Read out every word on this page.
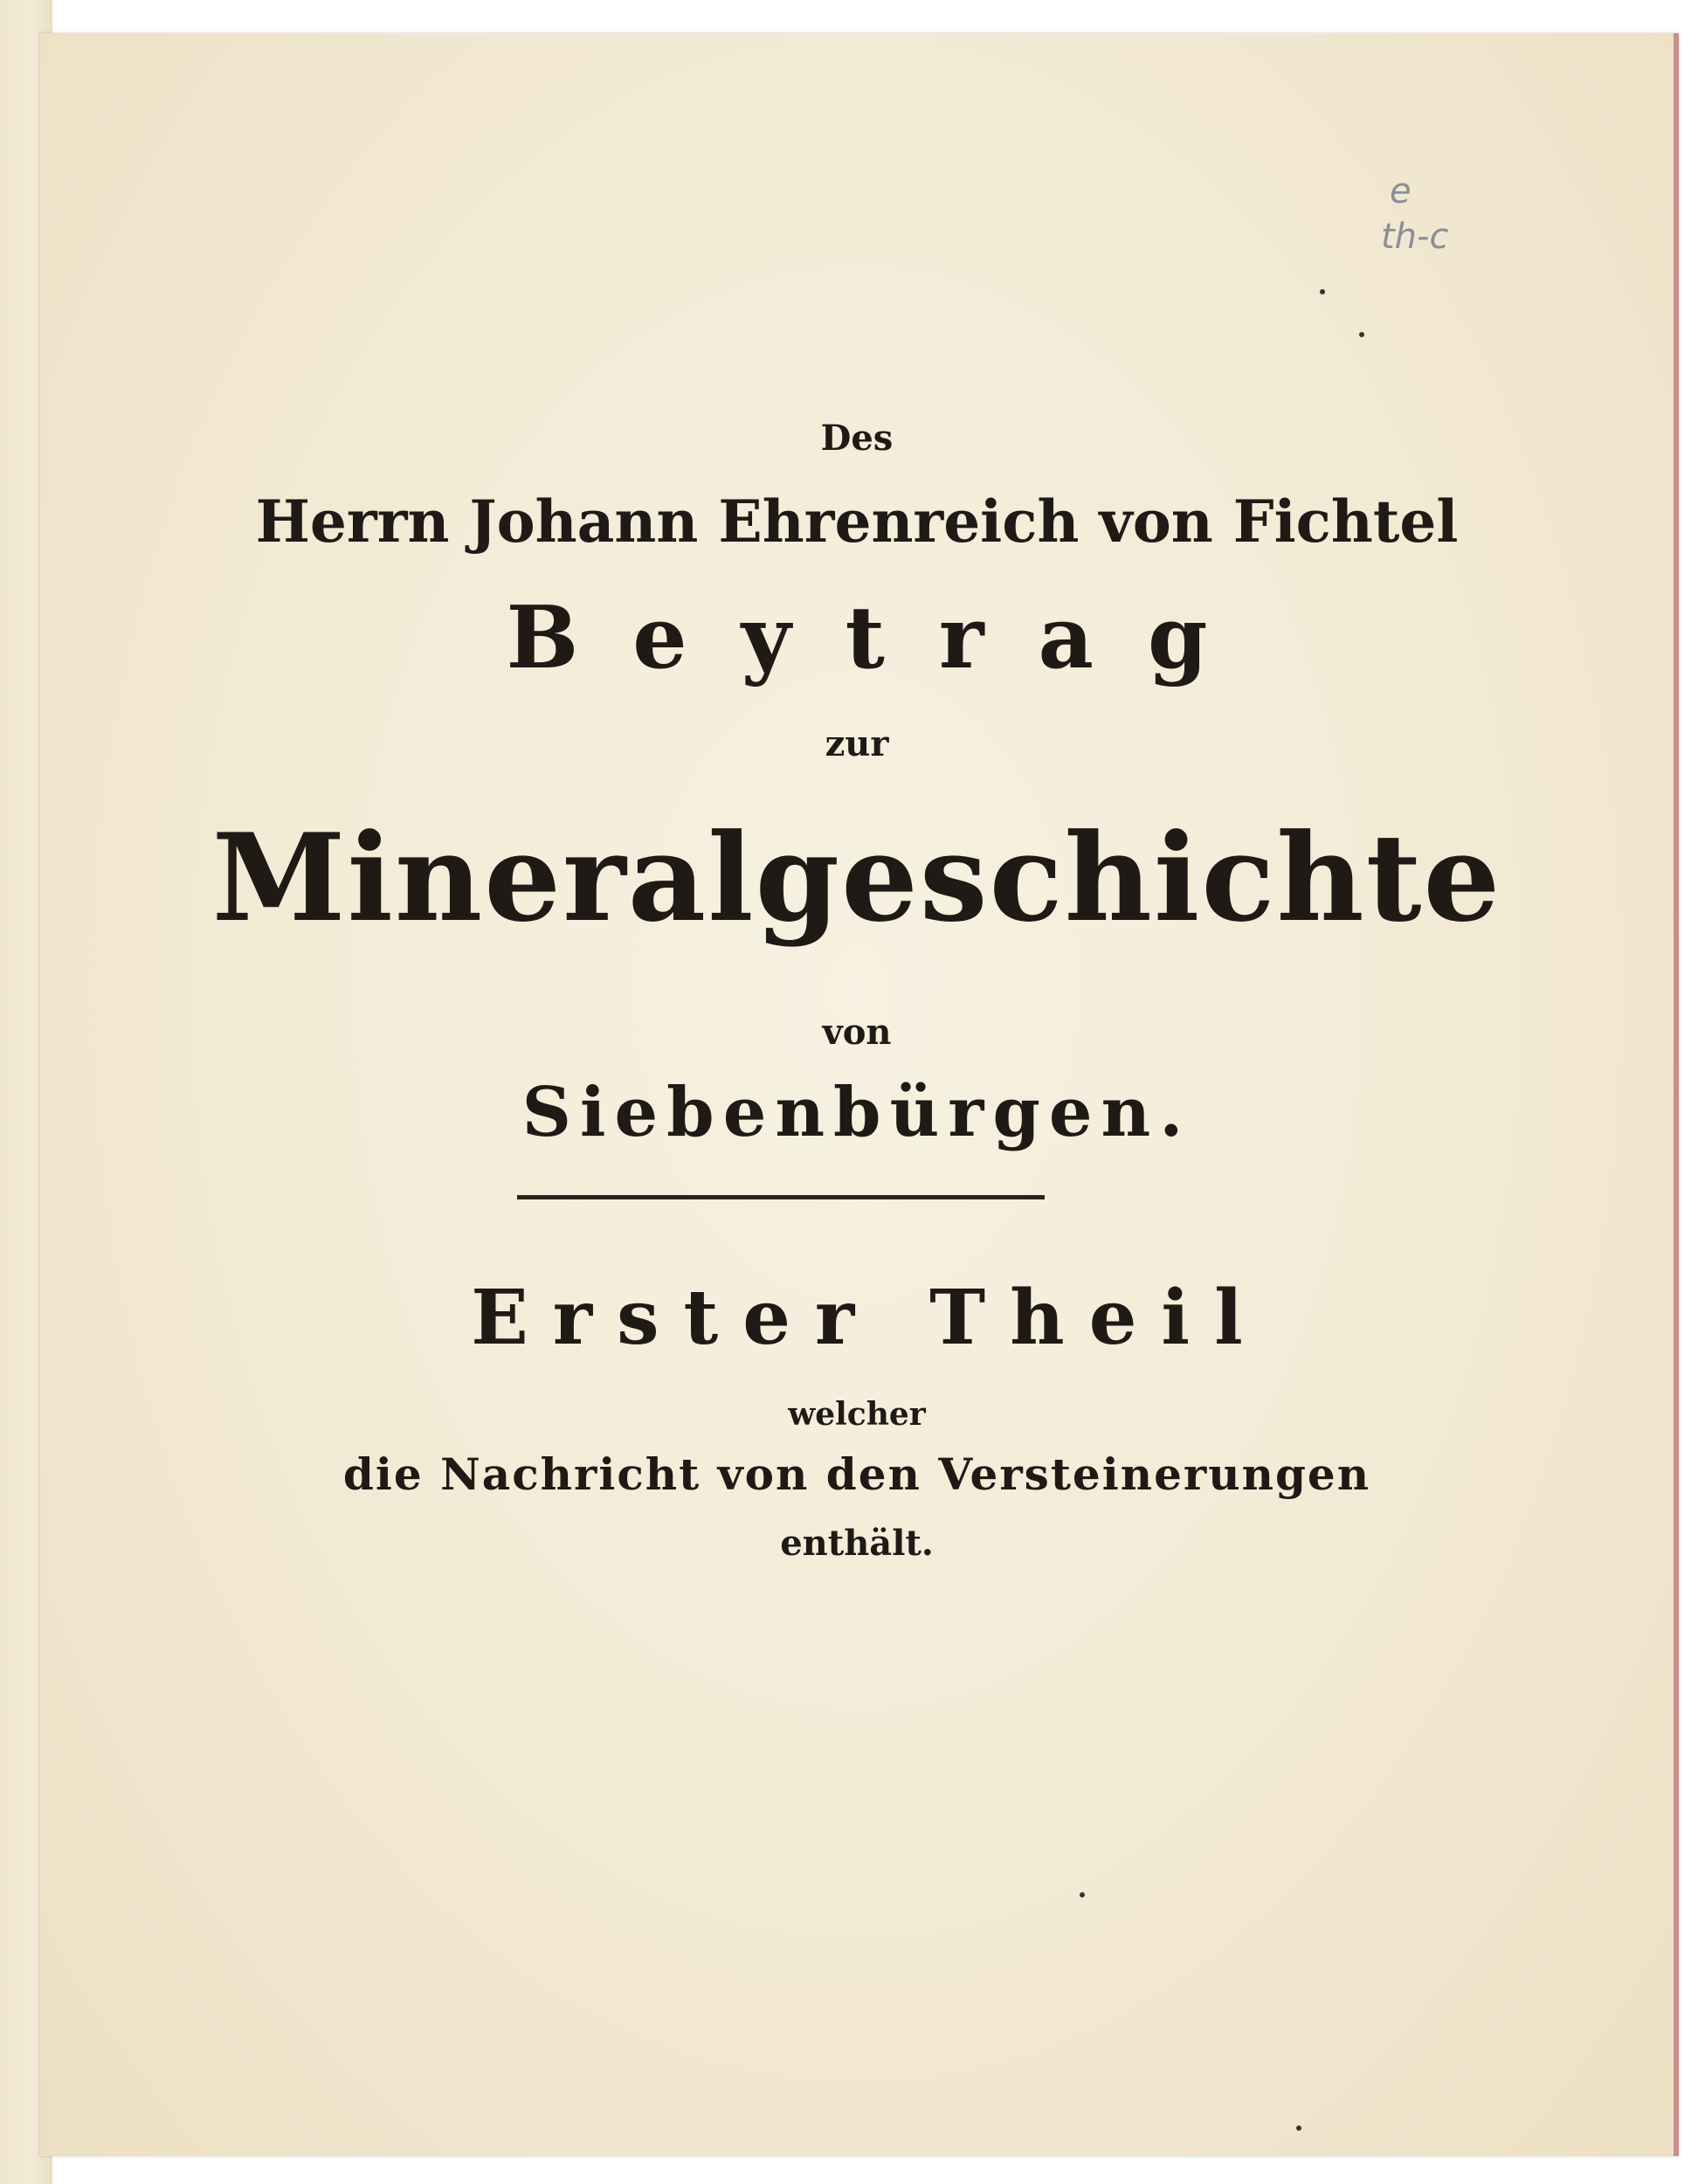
e
th-c

Des

Herrn Johann Ehrenreich von Fichtel

Beytrag

zur

Mineralgeschichte

von

Siebenbürgen.

Erster Theil

welcher

die Nachricht von den Versteinerungen

enthält.
